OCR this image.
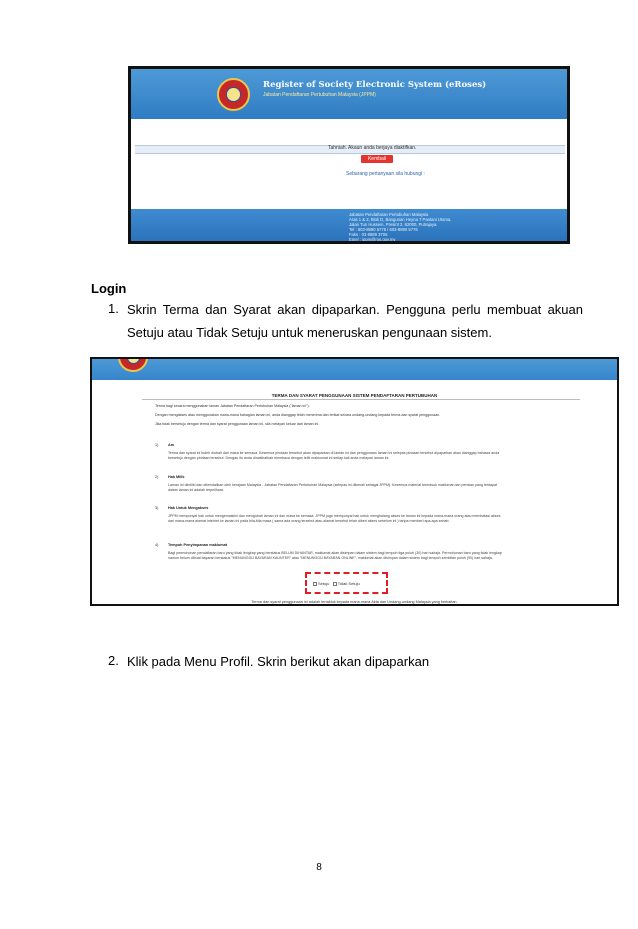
Register of Society Electronic System (eRoses)
Jabatan Pendaftaran Pertubuhan Malaysia (JPPM)
Tahniah. Akaun anda berjaya diaktifkan.
Kembali
Sebarang pertanyaan sila hubungi :
Jabatan Pendaftaran Pertubuhan Malaysia
Aras 1 & 2, Blok D, Bangunan Heyna 7 Pantani Utama,
Jalan Tun Hussein, Presint 2, 62000, Putrajaya.
Tel : 603-8890 5776 / 603-8890 5778
Faks : 03-8889 3706
Emel : jppm@ros.gov.my
Login
1. Skrin Terma dan Syarat akan dipaparkan. Pengguna perlu membuat akuan Setuju atau Tidak Setuju untuk meneruskan pengunaan sistem.
TERMA DAN SYARAT PENGGUNAAN SISTEM PENDAFTARAN PERTUBUHAN
Terma bagi secara menggunakan laman Jabatan Pendaftaran Pertubuhan Malaysia ("laman ini").
Dengan mengakses atau menggunakan mana-mana bahagian laman ini, anda dianggap telah menerima dan terikat secara undang-undang kepada terma dan syarat penggunaan.
Jika tidak bersetuju dengan terma dan syarat penggunaan laman ini, sila melayari keluar dari laman ini.
1)	Am
Terma dan syarat ini boleh diubah dari masa ke semasa. Kesemua pindaan tersebut akan dipaparkan di laman ini dan penggunaan laman ini selepas pindaan tersebut dipaparkan akan dianggap bahawa anda bersetuju dengan pindaan tersebut. Dengan itu anda dinasihatkan membaca dengan teliti maksumat ini setiap kali anda melayari laman ini.
2)	Hak Milik
Laman ini dimiliki dan dikendalikan oleh kerajaan Malaysia - Jabatan Pendaftaran Pertubuhan Malaysia (selepas ini dikenali sebagai JPPM). Kesemua material termasuk maklumat dan perisian yang terdapat dalam laman ini adalah terpelihara.
3)	Hak Untuk Mengakses
JPPM mempunyai hak untuk mengemaskini dan mengubah laman ini dari masa ke semasa. JPPM juga mempunyai hak untuk menghalang akses ke laman ini kepada mana-mana orang atau membatasi akses dari mana-mana alamat internet ke laman ini pada bila-bila masa ( sama ada orang tersebut atau alamat tersebut telah diberi akses sebelum ini ) tanpa memberi apa-apa sebab.
4)	Tempoh Penyimpanan maklumat
Bagi permohonan pendaftaran baru yang tidak lengkap yang berstatus BELUM DIHANTAR, maklumat akan disimpan dalam sistem bagi tempoh tiga puluh (30) hari sahaja. Permohonan baru yang tidak lengkap namun belum dibuat bayaran berstatus "MENUNGGU BAYARAN KAUNTER" atau "MENUNGGU BAYARAN ONLINE", maklumat akan disimpan dalam sistem bagi tempoh sembilan puluh (90) hari sahaja.
Setuju Tidak Setuju
Terma dan syarat penggunaan ini adalah tertakluk kepada mana-mana Akta dan Undang-undang Malaysia yang berkaitan.
2. Klik pada Menu Profil. Skrin berikut akan dipaparkan
8
